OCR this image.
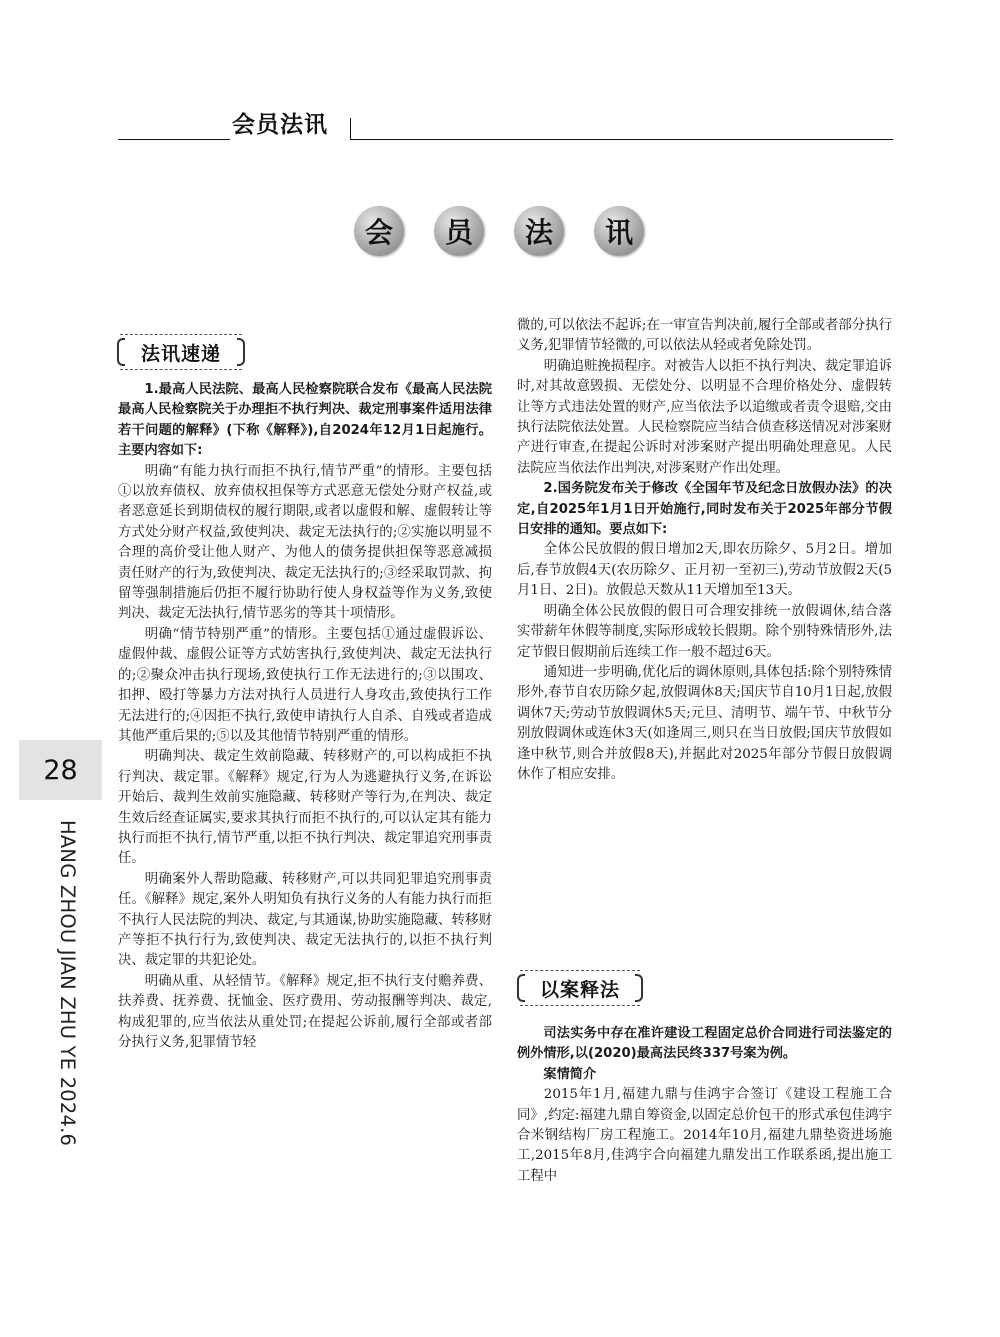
会员法讯
会	员	法	讯
法讯速递

1.最高人民法院、最高人民检察院联合发布《最高人民法院 最高人民检察院关于办理拒不执行判决、裁定刑事案件适用法律若干问题的解释》(下称《解释》),自2024年12月1日起施行。主要内容如下:

明确“有能力执行而拒不执行,情节严重”的情形。主要包括①以放弃债权、放弃债权担保等方式恶意无偿处分财产权益,或者恶意延长到期债权的履行期限,或者以虚假和解、虚假转让等方式处分财产权益,致使判决、裁定无法执行的;②实施以明显不合理的高价受让他人财产、为他人的债务提供担保等恶意减损责任财产的行为,致使判决、裁定无法执行的;③经采取罚款、拘留等强制措施后仍拒不履行协助行使人身权益等作为义务,致使判决、裁定无法执行,情节恶劣的等其十项情形。

明确“情节特别严重”的情形。主要包括①通过虚假诉讼、虚假仲裁、虚假公证等方式妨害执行,致使判决、裁定无法执行的;②聚众冲击执行现场,致使执行工作无法进行的;③以围攻、扣押、殴打等暴力方法对执行人员进行人身攻击,致使执行工作无法进行的;④因拒不执行,致使申请执行人自杀、自残或者造成其他严重后果的;⑤以及其他情节特别严重的情形。

明确判决、裁定生效前隐藏、转移财产的,可以构成拒不执行判决、裁定罪。《解释》规定,行为人为逃避执行义务,在诉讼开始后、裁判生效前实施隐藏、转移财产等行为,在判决、裁定生效后经查证属实,要求其执行而拒不执行的,可以认定其有能力执行而拒不执行,情节严重,以拒不执行判决、裁定罪追究刑事责任。

明确案外人帮助隐藏、转移财产,可以共同犯罪追究刑事责任。《解释》规定,案外人明知负有执行义务的人有能力执行而拒不执行人民法院的判决、裁定,与其通谋,协助实施隐藏、转移财产等拒不执行行为,致使判决、裁定无法执行的,以拒不执行判决、裁定罪的共犯论处。

明确从重、从轻情节。《解释》规定,拒不执行支付赡养费、扶养费、抚养费、抚恤金、医疗费用、劳动报酬等判决、裁定,构成犯罪的,应当依法从重处罚;在提起公诉前,履行全部或者部分执行义务,犯罪情节轻

微的,可以依法不起诉;在一审宣告判决前,履行全部或者部分执行义务,犯罪情节轻微的,可以依法从轻或者免除处罚。

明确追赃挽损程序。对被告人以拒不执行判决、裁定罪追诉时,对其故意毁损、无偿处分、以明显不合理价格处分、虚假转让等方式违法处置的财产,应当依法予以追缴或者责令退赔,交由执行法院依法处置。人民检察院应当结合侦查移送情况对涉案财产进行审查,在提起公诉时对涉案财产提出明确处理意见。人民法院应当依法作出判决,对涉案财产作出处理。

2.国务院发布关于修改《全国年节及纪念日放假办法》的决定,自2025年1月1日开始施行,同时发布关于2025年部分节假日安排的通知。要点如下:

全体公民放假的假日增加2天,即农历除夕、5月2日。增加后,春节放假4天(农历除夕、正月初一至初三),劳动节放假2天(5月1日、2日)。放假总天数从11天增加至13天。

明确全体公民放假的假日可合理安排统一放假调休,结合落实带薪年休假等制度,实际形成较长假期。除个别特殊情形外,法定节假日假期前后连续工作一般不超过6天。

通知进一步明确,优化后的调休原则,具体包括:除个别特殊情形外,春节自农历除夕起,放假调休8天;国庆节自10月1日起,放假调休7天;劳动节放假调休5天;元旦、清明节、端午节、中秋节分别放假调休或连休3天(如逢周三,则只在当日放假;国庆节放假如逢中秋节,则合并放假8天),并据此对2025年部分节假日放假调休作了相应安排。

以案释法

司法实务中存在准许建设工程固定总价合同进行司法鉴定的例外情形,以(2020)最高法民终337号案为例。

案情简介

2015年1月,福建九鼎与佳鸿宇合签订《建设工程施工合同》,约定:福建九鼎自筹资金,以固定总价包干的形式承包佳鸿宇合米钢结构厂房工程施工。2014年10月,福建九鼎垫资进场施工,2015年8月,佳鸿宇合向福建九鼎发出工作联系函,提出施工工程中

28
HANG ZHOU JIAN ZHU YE 2024.6
